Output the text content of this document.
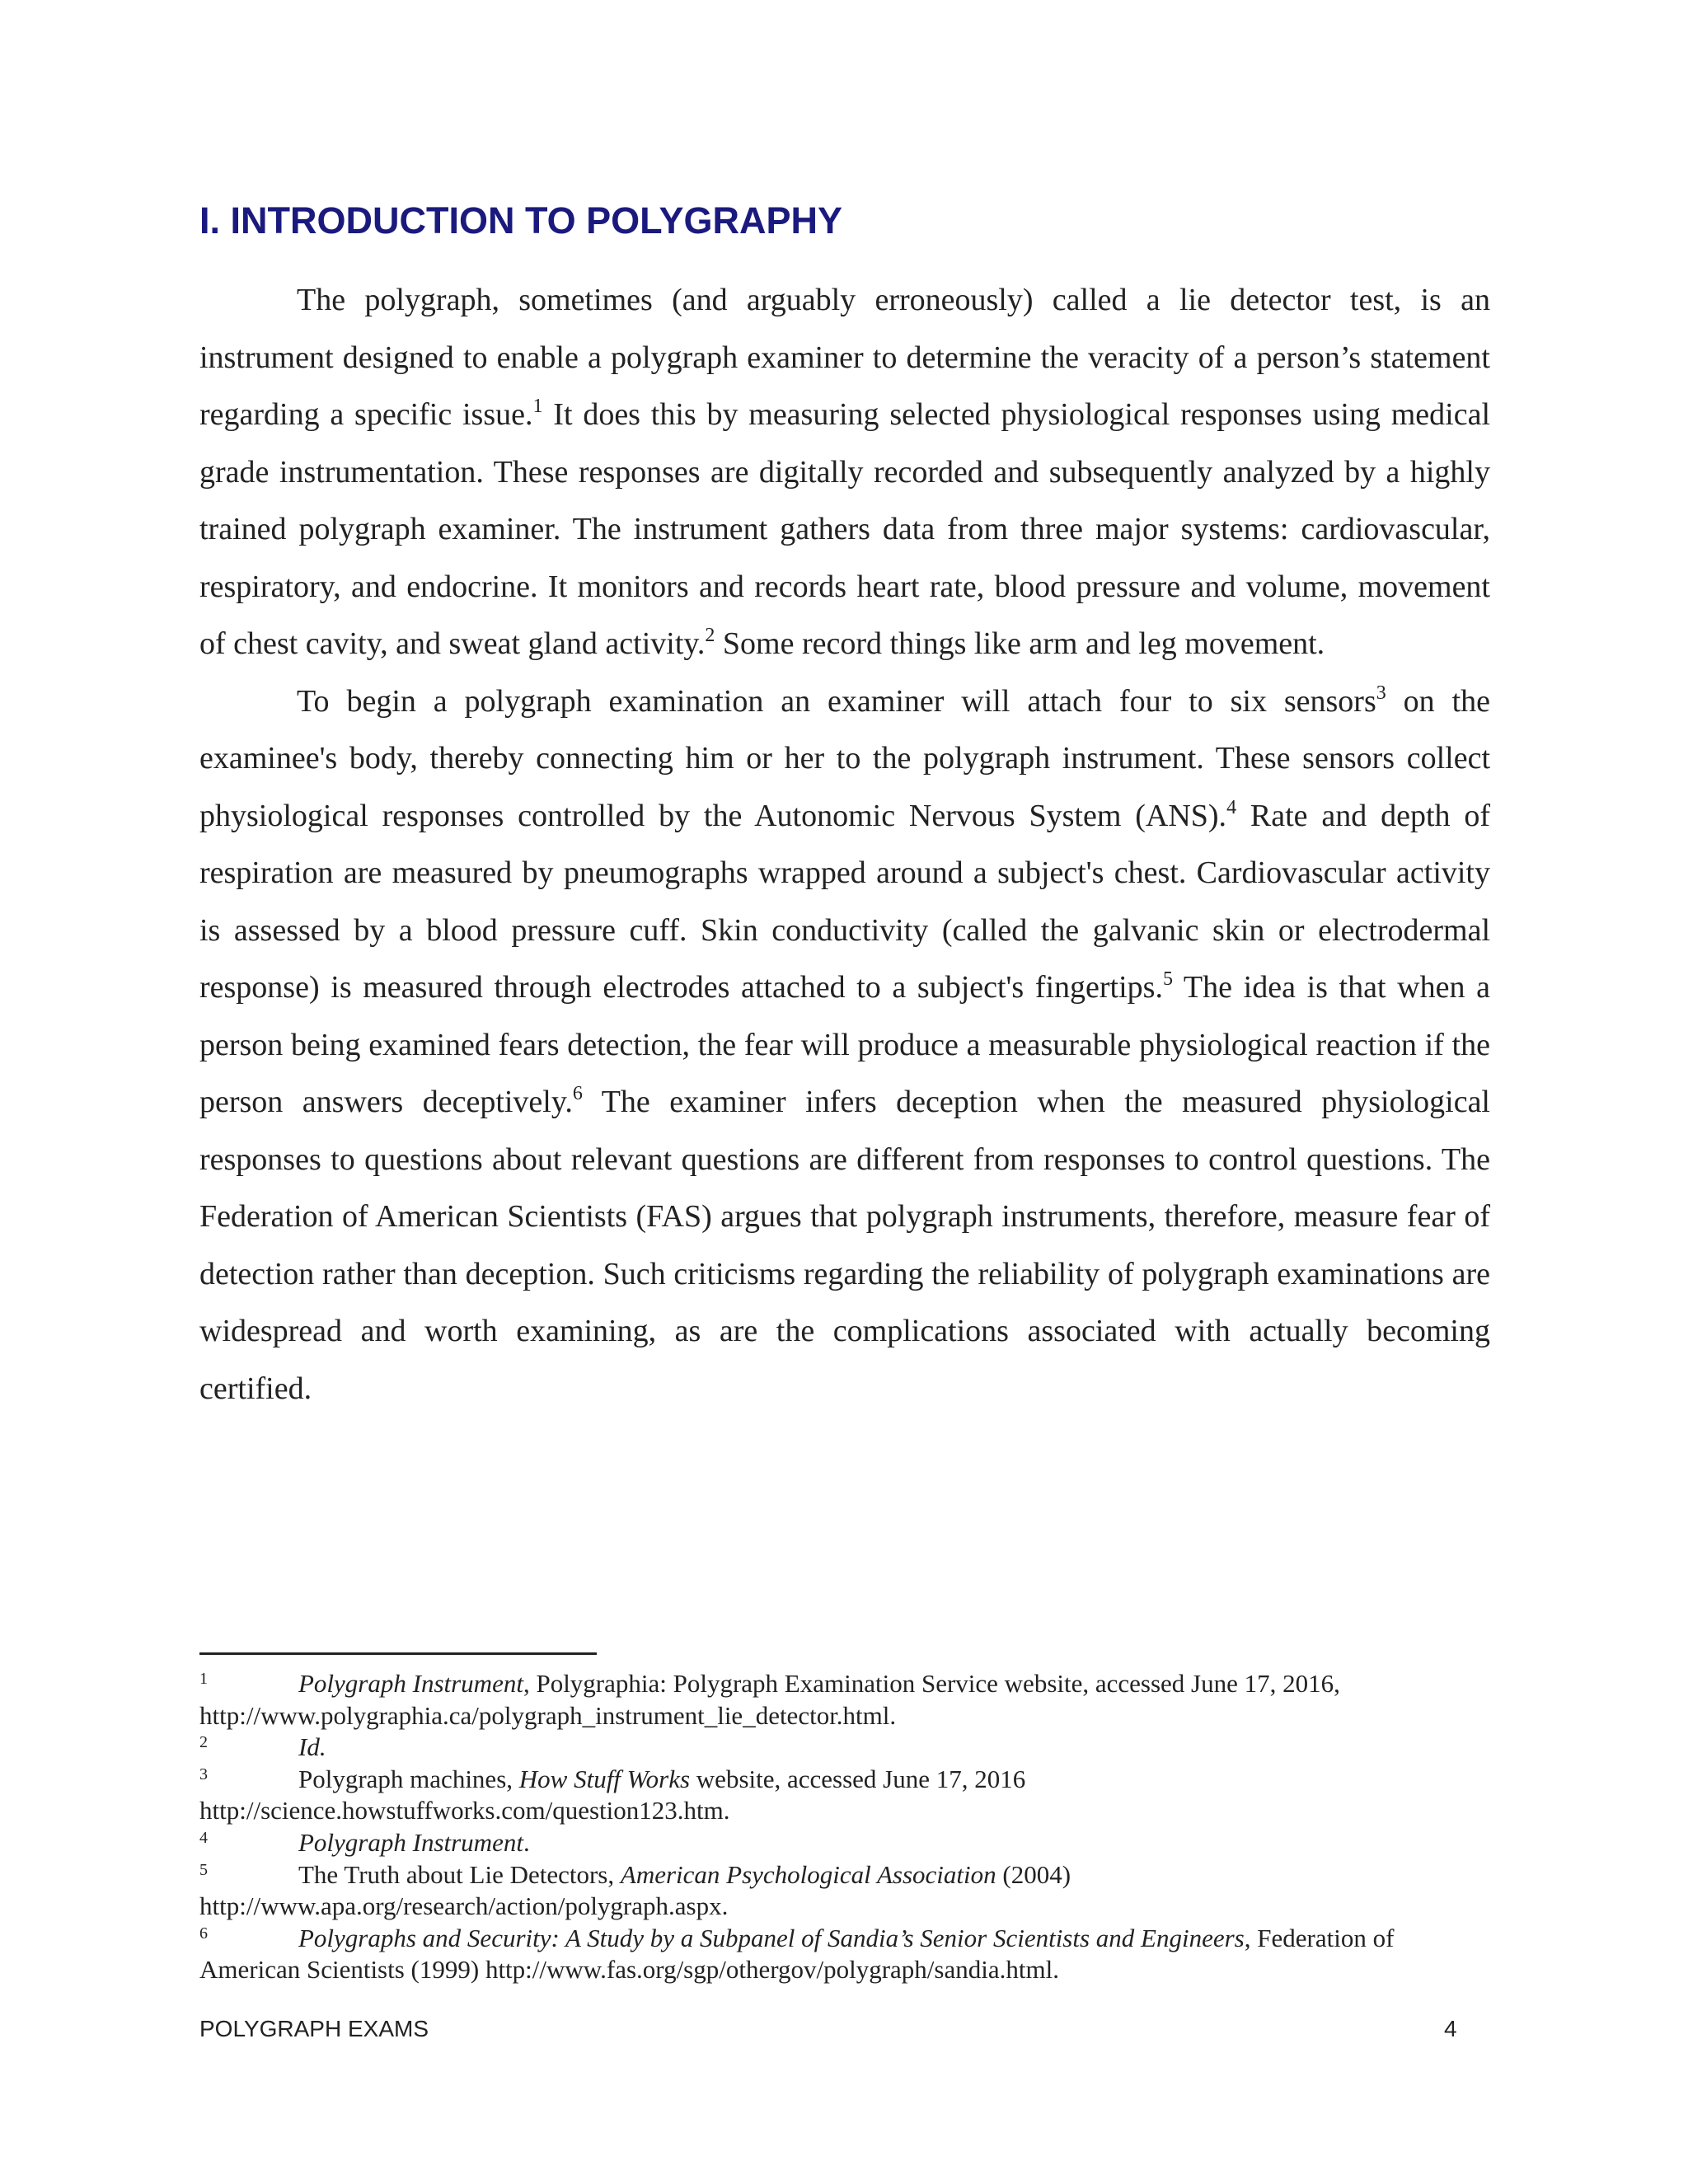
I. INTRODUCTION TO POLYGRAPHY

The polygraph, sometimes (and arguably erroneously) called a lie detector test, is an instrument designed to enable a polygraph examiner to determine the veracity of a person’s statement regarding a specific issue.$^1$ It does this by measuring selected physiological responses using medical grade instrumentation. These responses are digitally recorded and subsequently analyzed by a highly trained polygraph examiner. The instrument gathers data from three major systems: cardiovascular, respiratory, and endocrine. It monitors and records heart rate, blood pressure and volume, movement of chest cavity, and sweat gland activity.$^2$ Some record things like arm and leg movement.

To begin a polygraph examination an examiner will attach four to six sensors$^3$ on the examinee's body, thereby connecting him or her to the polygraph instrument. These sensors collect physiological responses controlled by the Autonomic Nervous System (ANS).$^4$ Rate and depth of respiration are measured by pneumographs wrapped around a subject's chest. Cardiovascular activity is assessed by a blood pressure cuff. Skin conductivity (called the galvanic skin or electrodermal response) is measured through electrodes attached to a subject's fingertips.$^5$ The idea is that when a person being examined fears detection, the fear will produce a measurable physiological reaction if the person answers deceptively.$^6$ The examiner infers deception when the measured physiological responses to questions about relevant questions are different from responses to control questions. The Federation of American Scientists (FAS) argues that polygraph instruments, therefore, measure fear of detection rather than deception. Such criticisms regarding the reliability of polygraph examinations are widespread and worth examining, as are the complications associated with actually becoming certified.

1	Polygraph Instrument, Polygraphia: Polygraph Examination Service website, accessed June 17, 2016, http://www.polygraphia.ca/polygraph_instrument_lie_detector.html.
2	Id.
3	Polygraph machines, How Stuff Works website, accessed June 17, 2016 http://science.howstuffworks.com/question123.htm.
4	Polygraph Instrument.
5	The Truth about Lie Detectors, American Psychological Association (2004) http://www.apa.org/research/action/polygraph.aspx.
6	Polygraphs and Security: A Study by a Subpanel of Sandia’s Senior Scientists and Engineers, Federation of American Scientists (1999) http://www.fas.org/sgp/othergov/polygraph/sandia.html.
POLYGRAPH EXAMS	4
